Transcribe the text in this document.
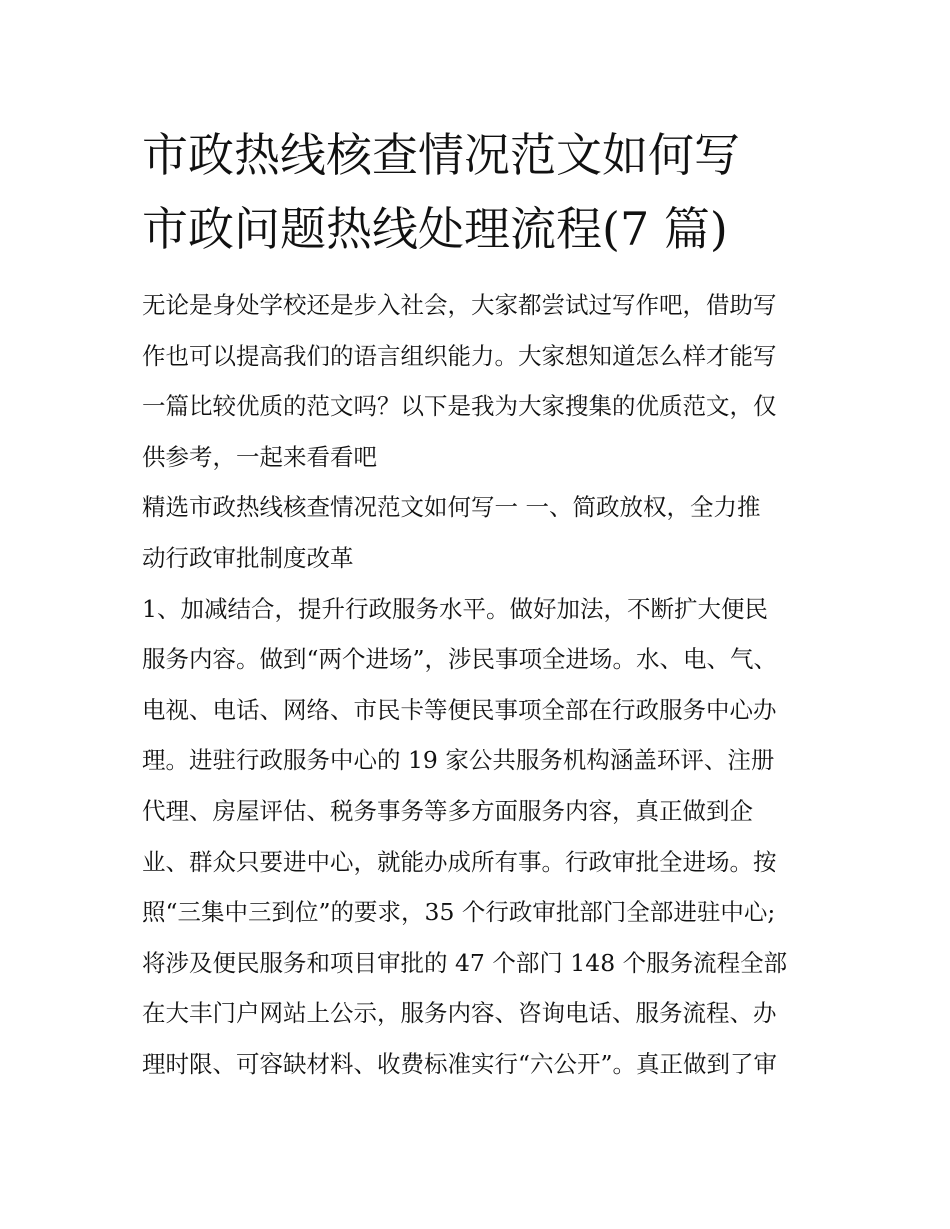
市政热线核查情况范文如何写
市政问题热线处理流程(7 篇)
无论是身处学校还是步入社会，大家都尝试过写作吧，借助写
作也可以提高我们的语言组织能力。大家想知道怎么样才能写
一篇比较优质的范文吗？以下是我为大家搜集的优质范文，仅
供参考，一起来看看吧
精选市政热线核查情况范文如何写一 一、简政放权，全力推
动行政审批制度改革
1、加减结合，提升行政服务水平。做好加法，不断扩大便民
服务内容。做到“两个进场”，涉民事项全进场。水、电、气、
电视、电话、网络、市民卡等便民事项全部在行政服务中心办
理。进驻行政服务中心的 19 家公共服务机构涵盖环评、注册
代理、房屋评估、税务事务等多方面服务内容，真正做到企
业、群众只要进中心，就能办成所有事。行政审批全进场。按
照“三集中三到位”的要求，35 个行政审批部门全部进驻中心;
将涉及便民服务和项目审批的 47 个部门 148 个服务流程全部
在大丰门户网站上公示，服务内容、咨询电话、服务流程、办
理时限、可容缺材料、收费标准实行“六公开”。真正做到了审
